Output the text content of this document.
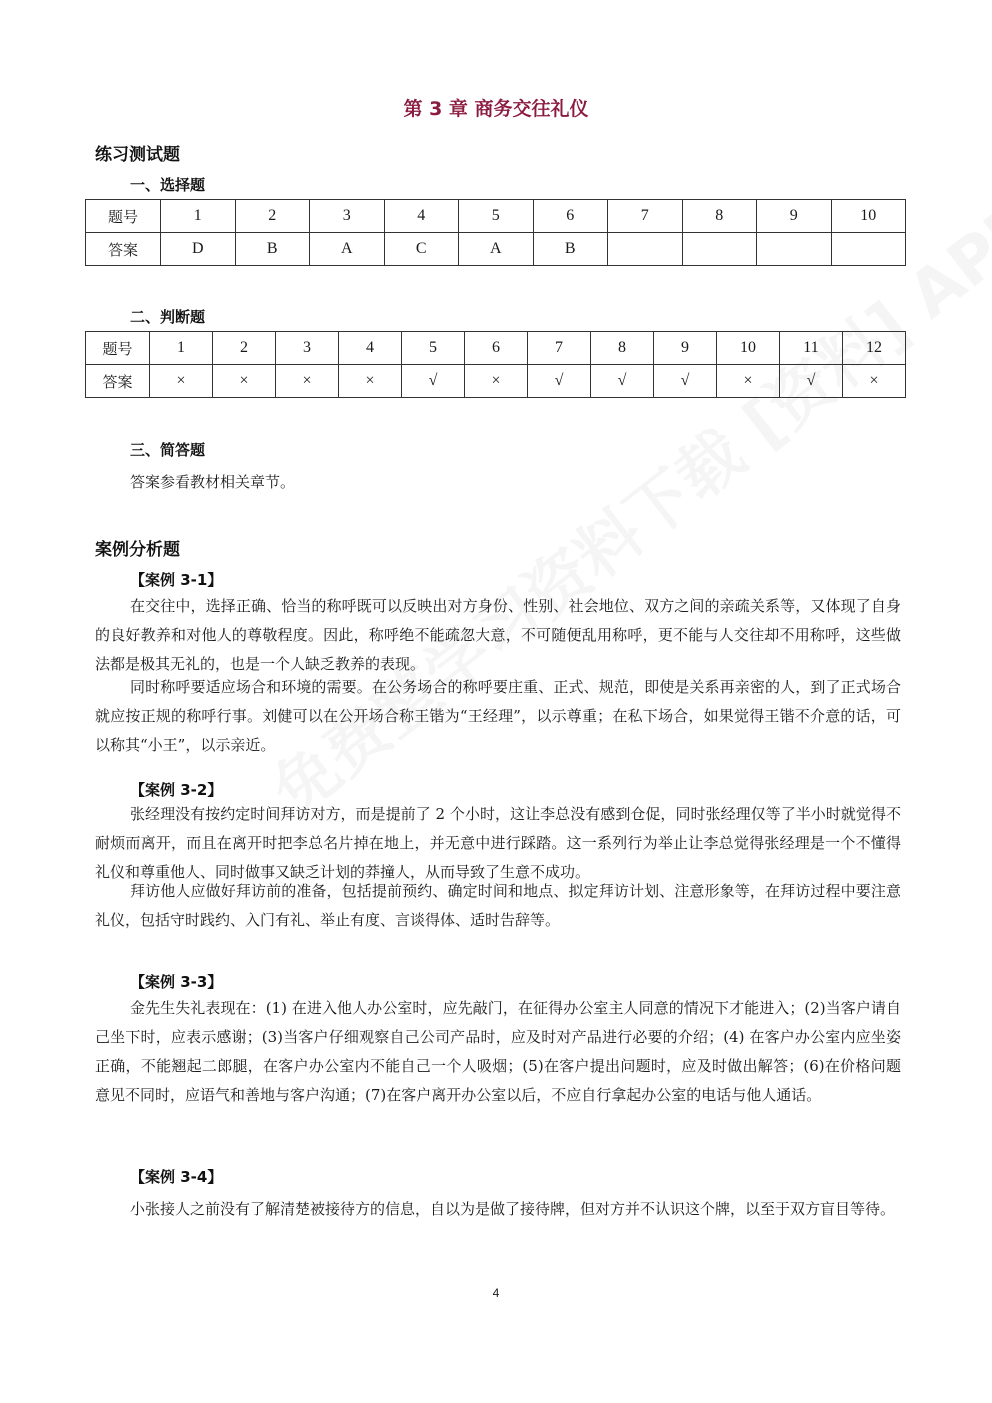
第 3 章 商务交往礼仪
练习测试题
一、选择题
题号	1	2	3	4	5	6	7	8	9	10
答案	D	B	A	C	A	B				
二、判断题
题号	1	2	3	4	5	6	7	8	9	10	11	12
答案	×	×	×	×	√	×	√	√	√	×	√	×
三、简答题
答案参看教材相关章节。
案例分析题
【案例 3-1】

在交往中，选择正确、恰当的称呼既可以反映出对方身份、性别、社会地位、双方之间的亲疏关系等，又体现了自身的良好教养和对他人的尊敬程度。因此，称呼绝不能疏忽大意，不可随便乱用称呼，更不能与人交往却不用称呼，这些做法都是极其无礼的，也是一个人缺乏教养的表现。

同时称呼要适应场合和环境的需要。在公务场合的称呼要庄重、正式、规范，即使是关系再亲密的人，到了正式场合就应按正规的称呼行事。刘健可以在公开场合称王锴为“王经理”，以示尊重；在私下场合，如果觉得王锴不介意的话，可以称其“小王”，以示亲近。

【案例 3-2】

张经理没有按约定时间拜访对方，而是提前了 2 个小时，这让李总没有感到仓促，同时张经理仅等了半小时就觉得不耐烦而离开，而且在离开时把李总名片掉在地上，并无意中进行踩踏。这一系列行为举止让李总觉得张经理是一个不懂得礼仪和尊重他人、同时做事又缺乏计划的莽撞人，从而导致了生意不成功。

拜访他人应做好拜访前的准备，包括提前预约、确定时间和地点、拟定拜访计划、注意形象等，在拜访过程中要注意礼仪，包括守时践约、入门有礼、举止有度、言谈得体、适时告辞等。

【案例 3-3】

金先生失礼表现在：(1) 在进入他人办公室时，应先敲门，在征得办公室主人同意的情况下才能进入；(2)当客户请自己坐下时，应表示感谢；(3)当客户仔细观察自己公司产品时，应及时对产品进行必要的介绍；(4) 在客户办公室内应坐姿正确，不能翘起二郎腿，在客户办公室内不能自己一个人吸烟；(5)在客户提出问题时，应及时做出解答；(6)在价格问题意见不同时，应语气和善地与客户沟通；(7)在客户离开办公室以后，不应自行拿起办公室的电话与他人通话。

【案例 3-4】

小张接人之前没有了解清楚被接待方的信息，自以为是做了接待牌，但对方并不认识这个牌，以至于双方盲目等待。

4
